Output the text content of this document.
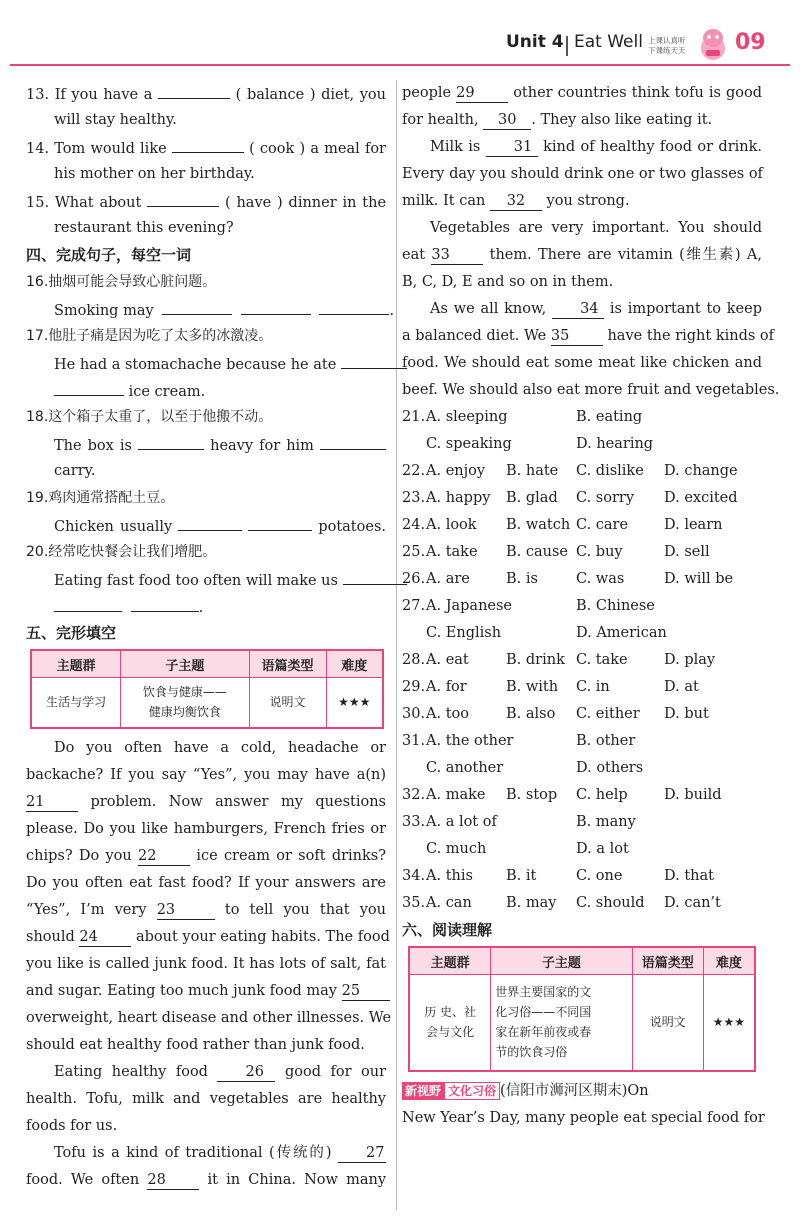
Unit 4 Eat Well 上课认真听
下课练天天 09
13. If you have a	( balance ) diet, you
will stay healthy.
14. Tom would like	( cook ) a meal for
his mother on her birthday.
15. What about	( have ) dinner in the
restaurant this evening?
四、完成句子，每空一词
16.抽烟可能会导致心脏问题。
Smoking may	.
17.他肚子痛是因为吃了太多的冰激凌。
He had a stomachache because he ate
ice cream.
18.这个箱子太重了，以至于他搬不动。
The box is	heavy for him
carry.
19.鸡肉通常搭配土豆。
Chicken usually	potatoes.
20.经常吃快餐会让我们增肥。
Eating fast food too often will make us
.
五、完形填空
主题群	子主题	语篇类型	难度
生活与学习	饮食与健康——
健康均衡饮食	说明文	★★★
Do you often have a cold, headache or
backache? If you say “Yes”, you may have a(n)
21	problem. Now answer my questions
please. Do you like hamburgers, French fries or
chips? Do you 22	ice cream or soft drinks?
Do you often eat fast food? If your answers are
“Yes”, I’m very 23	to tell you that you
should 24	about your eating habits. The food
you like is called junk food. It has lots of salt, fat
and sugar. Eating too much junk food may 25
overweight, heart disease and other illnesses. We
should eat healthy food rather than junk food.
Eating healthy food	26 good for our
health. Tofu, milk and vegetables are healthy
foods for us.
Tofu is a kind of traditional (传统的) 27
food. We often 28	it in China. Now many
people 29	other countries think tofu is good
for health, 30 . They also like eating it.
Milk is 31 kind of healthy food or drink.
Every day you should drink one or two glasses of
milk. It can 32 you strong.
Vegetables are very important. You should
eat 33	them. There are vitamin (维生素) A,
B, C, D, E and so on in them.
As we all know, 34 is important to keep
a balanced diet. We 35	have the right kinds of
food. We should eat some meat like chicken and
beef. We should also eat more fruit and vegetables.
21. A. sleeping	B. eating
C. speaking	D. hearing
22. A. enjoy B. hate C. dislike D. change
23. A. happy B. glad C. sorry D. excited
24. A. look B. watch C. care D. learn
25. A. take B. cause C. buy	D. sell
26. A. are B. is	C. was	D. will be
27. A. Japanese	B. Chinese
C. English	D. American
28. A. eat	B. drink C. take	D. play
29. A. for	B. with C. in	D. at
30. A. too	B. also C. either D. but
31. A. the other	B. other
C. another	D. others
32. A. make B. stop C. help	D. build
33. A. a lot of	B. many
C. much	D. a lot
34. A. this B. it	C. one	D. that
35. A. can B. may C. should D. can’t
六、阅读理解
主题群	子主题	语篇类型	难度
历 史、社
会与文化	世界主要国家的文
化习俗——不同国
家在新年前夜或春
节的饮食习俗	说明文	★★★
新视野 文化习俗 (信阳市浉河区期末)On
New Year’s Day, many people eat special food for
